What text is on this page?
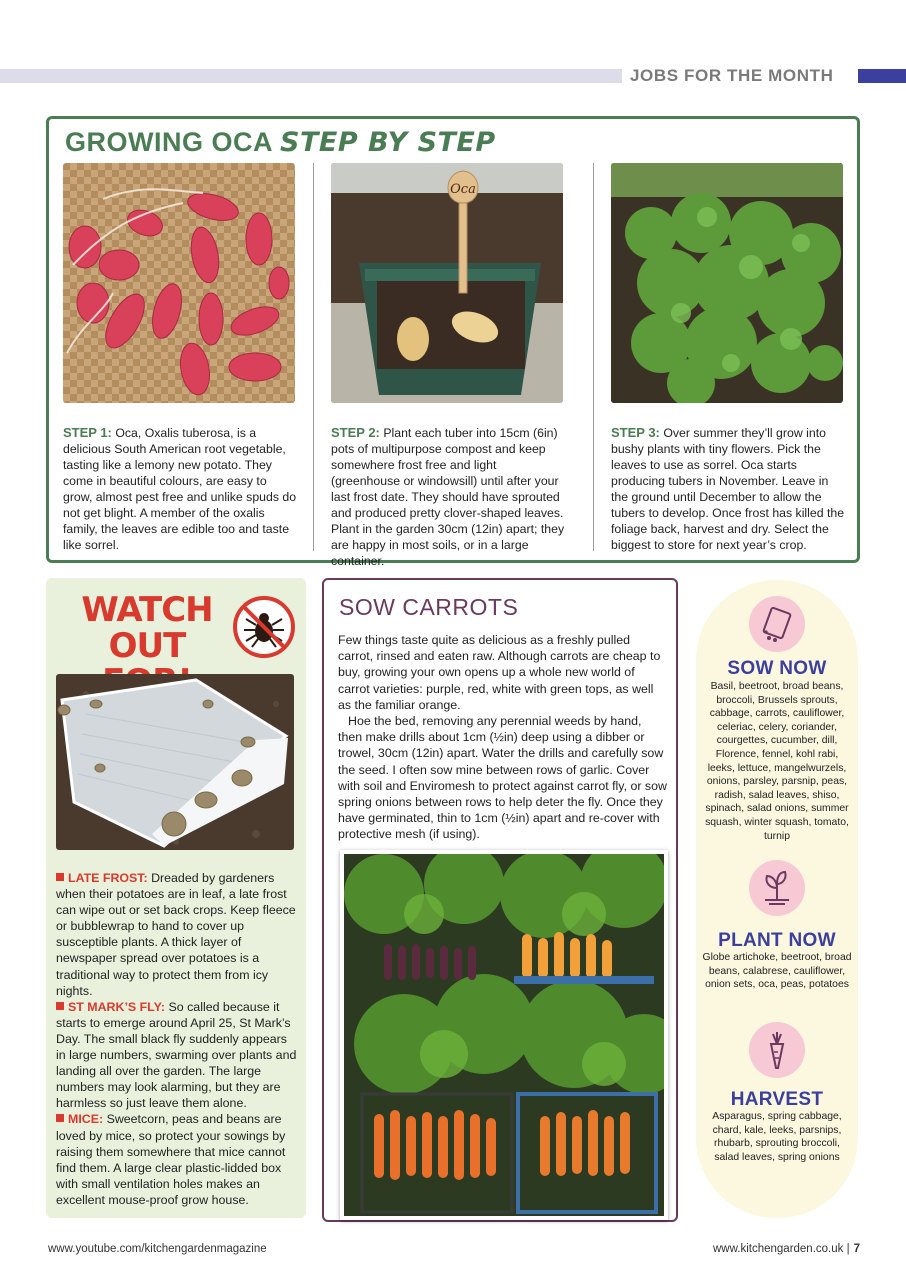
JOBS FOR THE MONTH
GROWING OCA STEP BY STEP

STEP 1: Oca, Oxalis tuberosa, is a delicious South American root vegetable, tasting like a lemony new potato. They come in beautiful colours, are easy to grow, almost pest free and unlike spuds do not get blight. A member of the oxalis family, the leaves are edible too and taste like sorrel.

Oca

STEP 2: Plant each tuber into 15cm (6in) pots of multipurpose compost and keep somewhere frost free and light (greenhouse or windowsill) until after your last frost date. They should have sprouted and produced pretty clover-shaped leaves. Plant in the garden 30cm (12in) apart; they are happy in most soils, or in a large container.

STEP 3: Over summer they’ll grow into bushy plants with tiny flowers. Pick the leaves to use as sorrel. Oca starts producing tubers in November. Leave in the ground until December to allow the tubers to develop. Once frost has killed the foliage back, harvest and dry. Select the biggest to store for next year’s crop.

WATCH
OUT
LATE FROST: Dreaded by gardeners when their potatoes are in leaf, a late frost can wipe out or set back crops. Keep fleece or bubblewrap to hand to cover up susceptible plants. A thick layer of newspaper spread over potatoes is a traditional way to protect them from icy nights.
ST MARK’S FLY: So called because it starts to emerge around April 25, St Mark’s Day. The small black fly suddenly appears in large numbers, swarming over plants and landing all over the garden. The large numbers may look alarming, but they are harmless so just leave them alone.
MICE: Sweetcorn, peas and beans are loved by mice, so protect your sowings by raising them somewhere that mice cannot find them. A large clear plastic-lidded box with small ventilation holes makes an excellent mouse-proof grow house.
SOW CARROTS

Few things taste quite as delicious as a freshly pulled carrot, rinsed and eaten raw. Although carrots are cheap to buy, growing your own opens up a whole new world of carrot varieties: purple, red, white with green tops, as well as the familiar orange.

Hoe the bed, removing any perennial weeds by hand, then make drills about 1cm (½in) deep using a dibber or trowel, 30cm (12in) apart. Water the drills and carefully sow the seed. I often sow mine between rows of garlic. Cover with soil and Enviromesh to protect against carrot fly, or sow spring onions between rows to help deter the fly. Once they have germinated, thin to 1cm (½in) apart and re-cover with protective mesh (if using).

SOW NOW
Basil, beetroot, broad beans, broccoli, Brussels sprouts, cabbage, carrots, cauliflower, celeriac, celery, coriander, courgettes, cucumber, dill, Florence, fennel, kohl rabi, leeks, lettuce, mangelwurzels, onions, parsley, parsnip, peas, radish, salad leaves, shiso, spinach, salad onions, summer squash, winter squash, tomato, turnip
PLANT NOW
Globe artichoke, beetroot, broad beans, calabrese, cauliflower, onion sets, oca, peas, potatoes
HARVEST
Asparagus, spring cabbage, chard, kale, leeks, parsnips, rhubarb, sprouting broccoli, salad leaves, spring onions
www.youtube.com/kitchengardenmagazine	www.kitchengarden.co.uk | 7
